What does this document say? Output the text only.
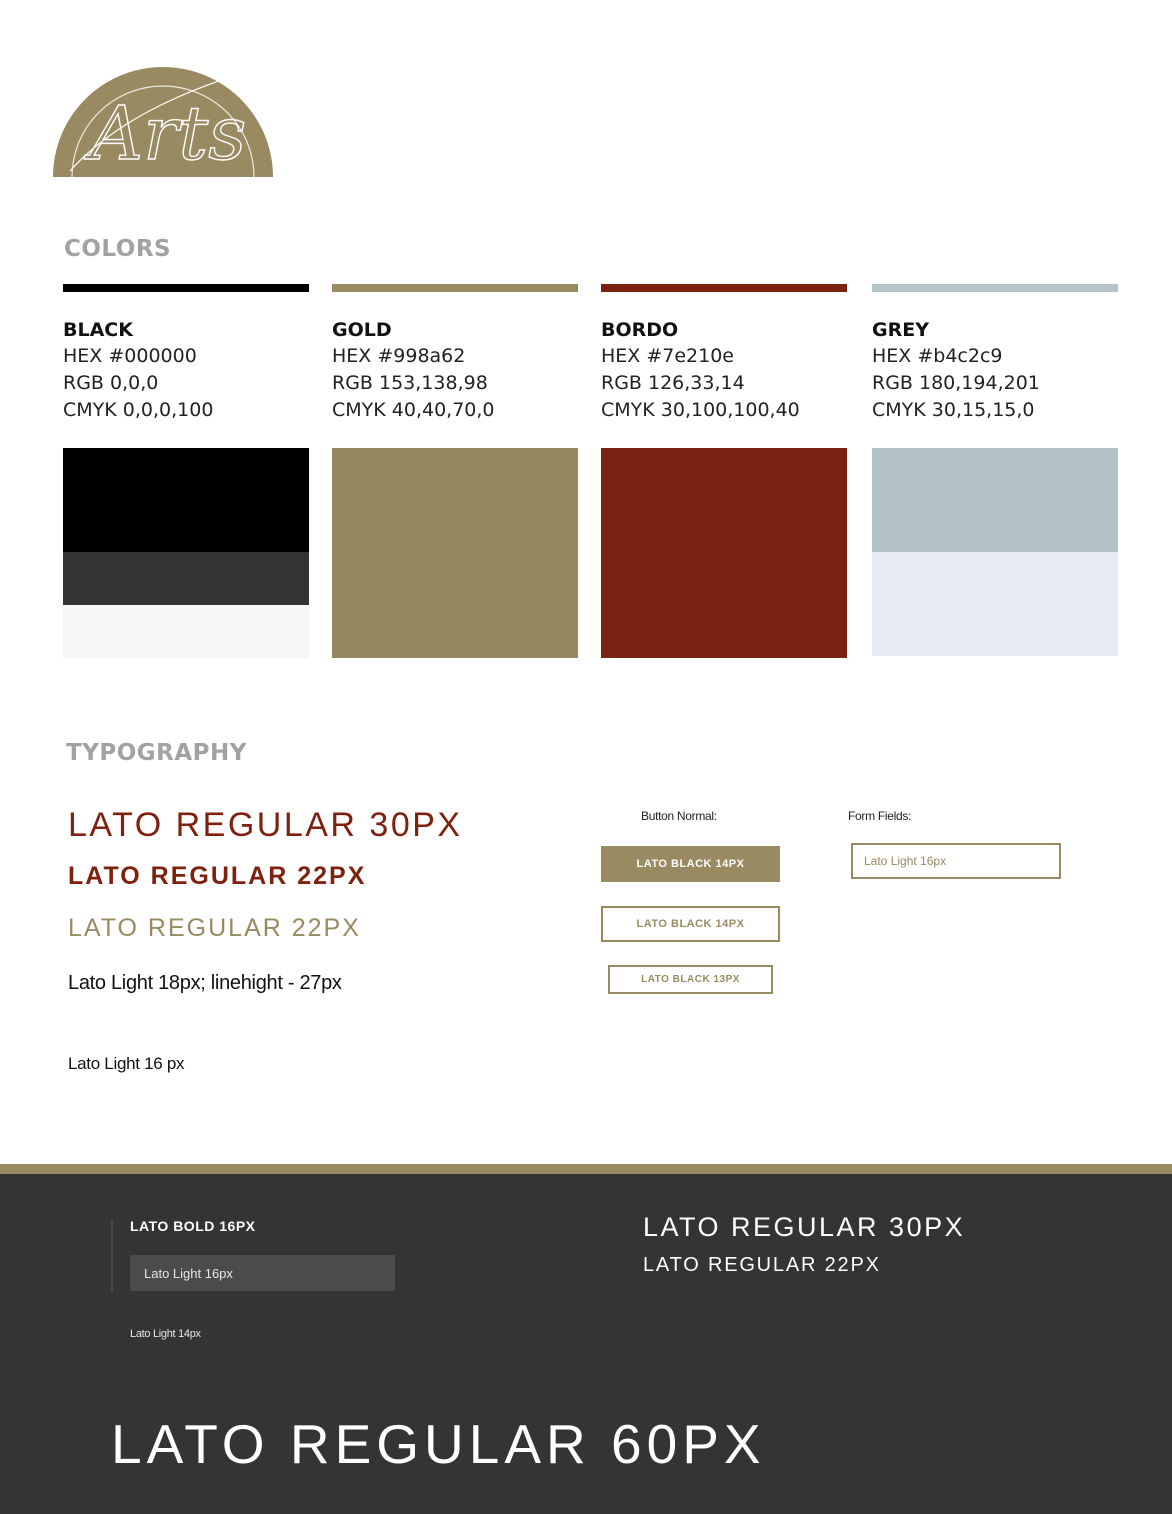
Arts
COLORS
BLACK
HEX #000000
RGB 0,0,0
CMYK 0,0,0,100
GOLD
HEX #998a62
RGB 153,138,98
CMYK 40,40,70,0
BORDO
HEX #7e210e
RGB 126,33,14
CMYK 30,100,100,40
GREY
HEX #b4c2c9
RGB 180,194,201
CMYK 30,15,15,0
TYPOGRAPHY
LATO REGULAR 30PX
LATO REGULAR 22PX
LATO REGULAR 22PX
Lato Light 18px; linehight - 27px
Lato Light 16 px
Button Normal:
LATO BLACK 14PX
LATO BLACK 14PX
LATO BLACK 13PX
Form Fields:
Lato Light 16px
LATO BOLD 16PX
Lato Light 16px
Lato Light 14px
LATO REGULAR 30PX
LATO REGULAR 22PX
LATO REGULAR 60PX
